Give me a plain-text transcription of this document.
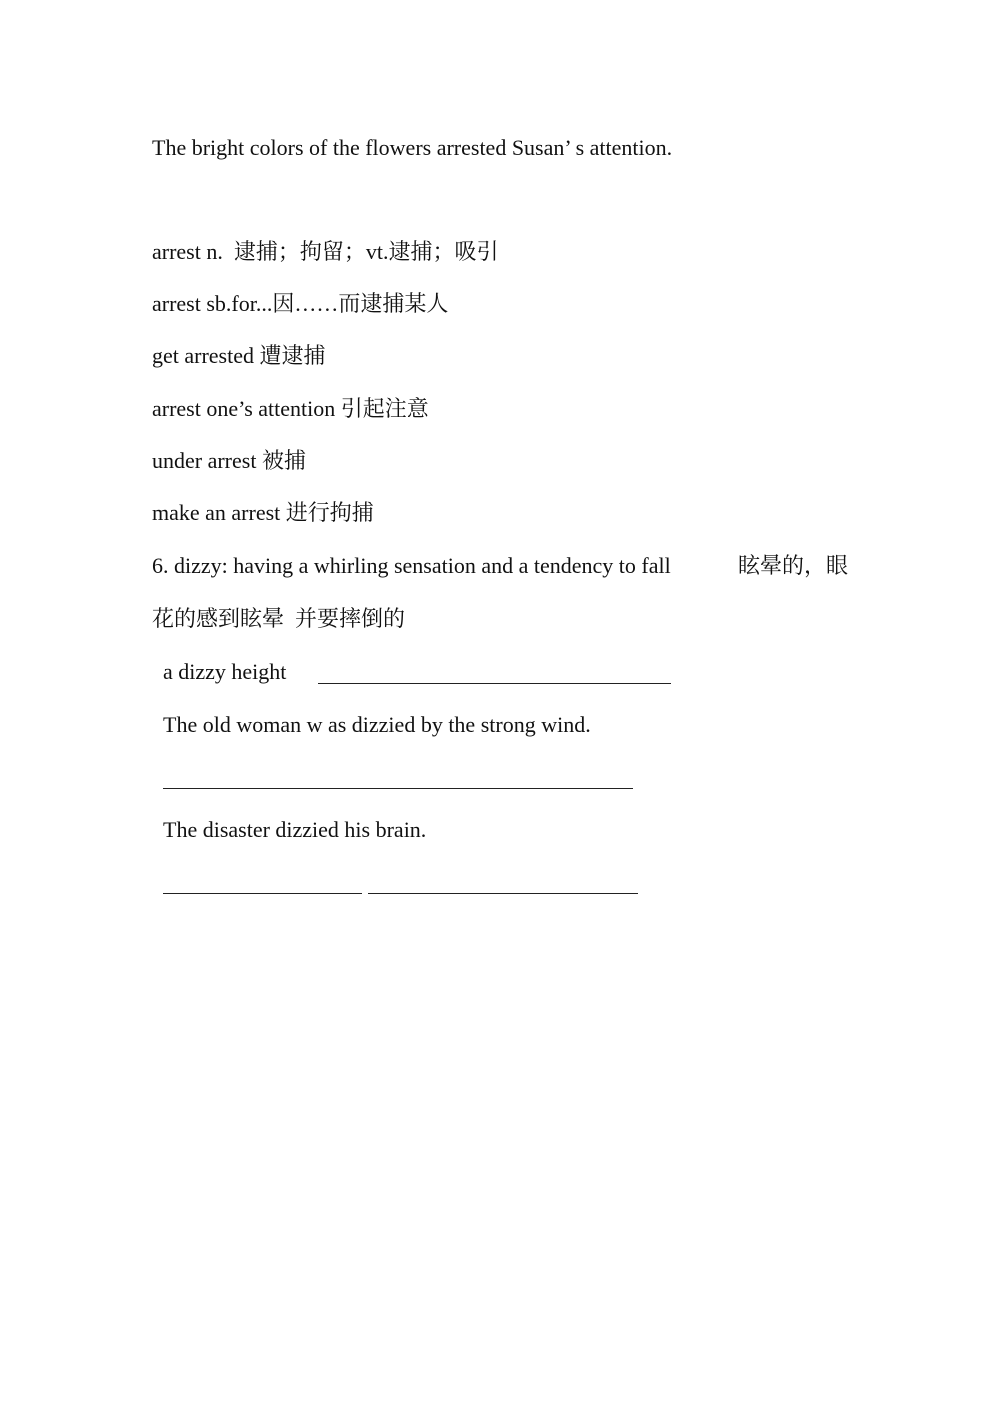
The bright colors of the flowers arrested Susan’ s attention.
arrest n.  逮捕；拘留；vt.逮捕；吸引
arrest sb.for...因……而逮捕某人
get arrested 遭逮捕
arrest one’s attention 引起注意
under arrest 被捕
make an arrest 进行拘捕
6. dizzy: having a whirling sensation and a tendency to fall	眩晕的，眼
花的感到眩晕  并要摔倒的
a dizzy height
The old woman w as dizzied by the strong wind.
The disaster dizzied his brain.
